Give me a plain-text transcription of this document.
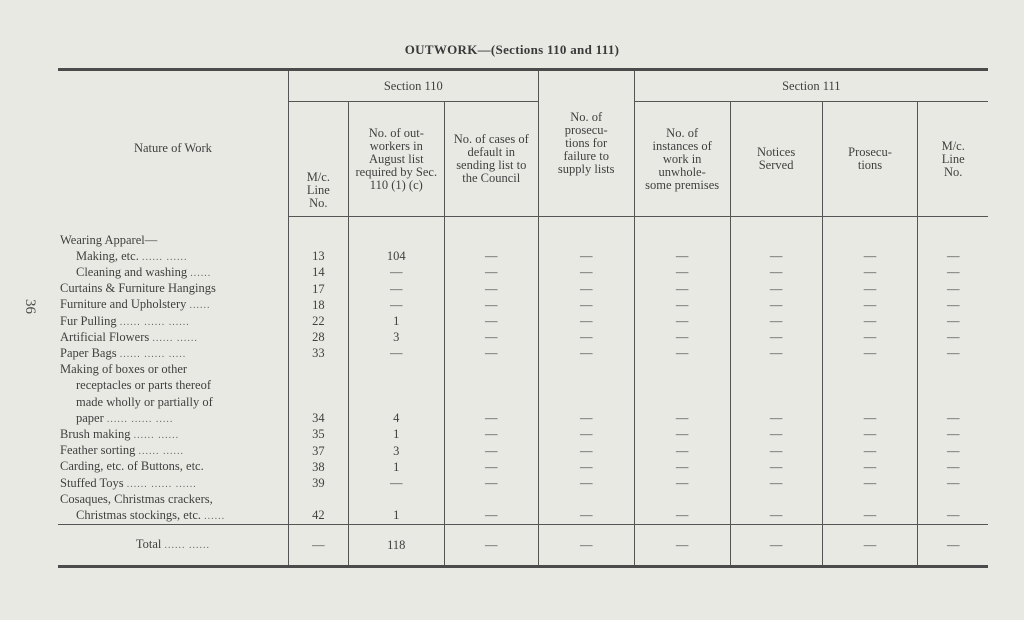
36
OUTWORK—(Sections 110 and 111)

Nature of Work	Section 110			No. of prosecu- tions for failure to supply lists	Section 111			

	M/c. Line No.	No. of out-workers in August list required by Sec. 110 (1) (c)	No. of cases of default in sending list to the Council		No. of instances of work in unwhole- some premises	Notices Served	Prosecu- tions	M/c. Line No.

Wearing Apparel—								
Making, etc. ...... ......	13	104	—	—	—	—	—	—
Cleaning and washing ......	14	—	—	—	—	—	—	—
Curtains & Furniture Hangings	17	—	—	—	—	—	—	—
Furniture and Upholstery ......	18	—	—	—	—	—	—	—
Fur Pulling ...... ...... ......	22	1	—	—	—	—	—	—
Artificial Flowers ...... ......	28	3	—	—	—	—	—	—
Paper Bags ...... ...... .....	33	—	—	—	—	—	—	—
Making of boxes or other								
receptacles or parts thereof								
made wholly or partially of								
paper ...... ...... .....	34	4	—	—	—	—	—	—
Brush making ...... ......	35	1	—	—	—	—	—	—
Feather sorting ...... ......	37	3	—	—	—	—	—	—
Carding, etc. of Buttons, etc.	38	1	—	—	—	—	—	—
Stuffed Toys ...... ...... ......	39	—	—	—	—	—	—	—
Cosaques, Christmas crackers,								
Christmas stockings, etc. ......	42	1	—	—	—	—	—	—
Total ...... ......	—	118	—	—	—	—	—	—
